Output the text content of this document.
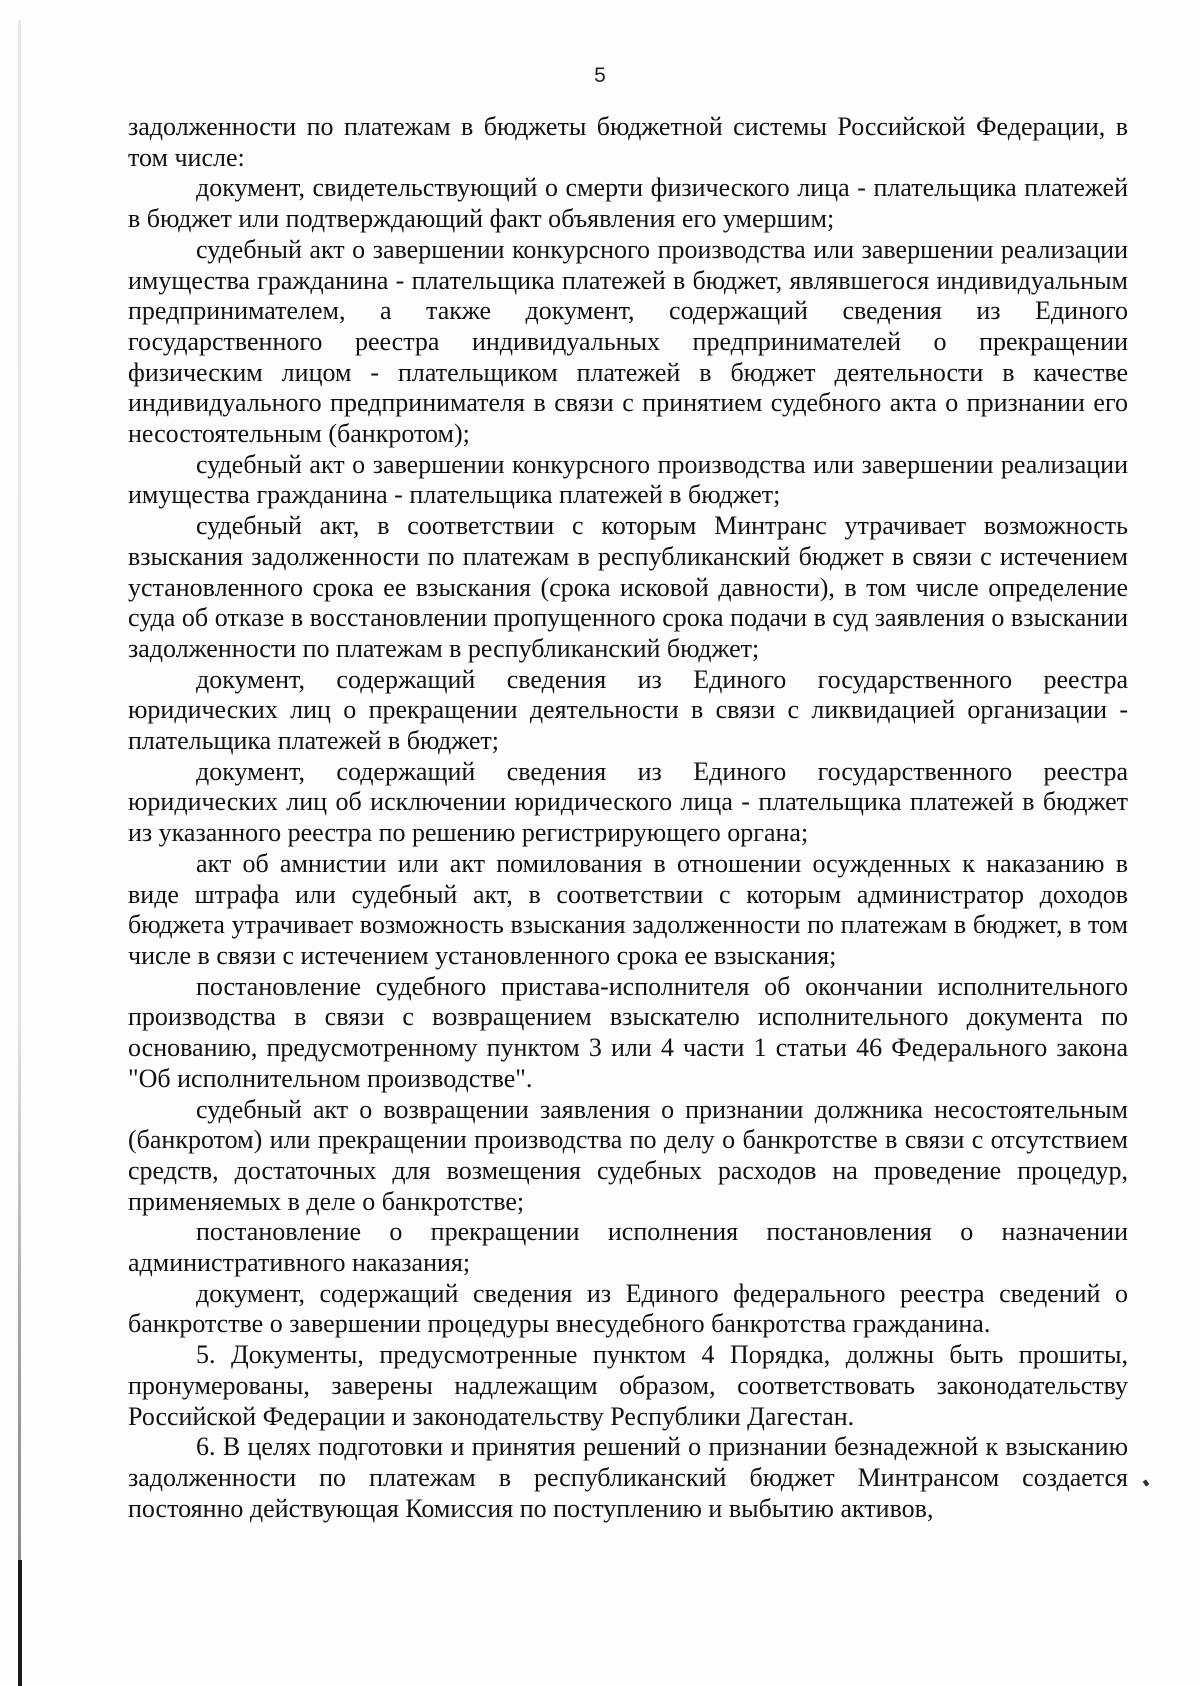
5

задолженности по платежам в бюджеты бюджетной системы Российской Федерации, в том числе:

документ, свидетельствующий о смерти физического лица - плательщика платежей в бюджет или подтверждающий факт объявления его умершим;

судебный акт о завершении конкурсного производства или завершении реализации имущества гражданина - плательщика платежей в бюджет, являвшегося индивидуальным предпринимателем, а также документ, содержащий сведения из Единого государственного реестра индивидуальных предпринимателей о прекращении физическим лицом - плательщиком платежей в бюджет деятельности в качестве индивидуального предпринимателя в связи с принятием судебного акта о признании его несостоятельным (банкротом);

судебный акт о завершении конкурсного производства или завершении реализации имущества гражданина - плательщика платежей в бюджет;

судебный акт, в соответствии с которым Минтранс утрачивает возможность взыскания задолженности по платежам в республиканский бюджет в связи с истечением установленного срока ее взыскания (срока исковой давности), в том числе определение суда об отказе в восстановлении пропущенного срока подачи в суд заявления о взыскании задолженности по платежам в республиканский бюджет;

документ, содержащий сведения из Единого государственного реестра юридических лиц о прекращении деятельности в связи с ликвидацией организации - плательщика платежей в бюджет;

документ, содержащий сведения из Единого государственного реестра юридических лиц об исключении юридического лица - плательщика платежей в бюджет из указанного реестра по решению регистрирующего органа;

акт об амнистии или акт помилования в отношении осужденных к наказанию в виде штрафа или судебный акт, в соответствии с которым администратор доходов бюджета утрачивает возможность взыскания задолженности по платежам в бюджет, в том числе в связи с истечением установленного срока ее взыскания;

постановление судебного пристава-исполнителя об окончании исполнительного производства в связи с возвращением взыскателю исполнительного документа по основанию, предусмотренному пунктом 3 или 4 части 1 статьи 46 Федерального закона "Об исполнительном производстве".

судебный акт о возвращении заявления о признании должника несостоятельным (банкротом) или прекращении производства по делу о банкротстве в связи с отсутствием средств, достаточных для возмещения судебных расходов на проведение процедур, применяемых в деле о банкротстве;

постановление о прекращении исполнения постановления о назначении административного наказания;

документ, содержащий сведения из Единого федерального реестра сведений о банкротстве о завершении процедуры внесудебного банкротства гражданина.

5. Документы, предусмотренные пунктом 4 Порядка, должны быть прошиты, пронумерованы, заверены надлежащим образом, соответствовать законодательству Российской Федерации и законодательству Республики Дагестан.

6. В целях подготовки и принятия решений о признании безнадежной к взысканию задолженности по платежам в республиканский бюджет Минтрансом создается постоянно действующая Комиссия по поступлению и выбытию активов,
